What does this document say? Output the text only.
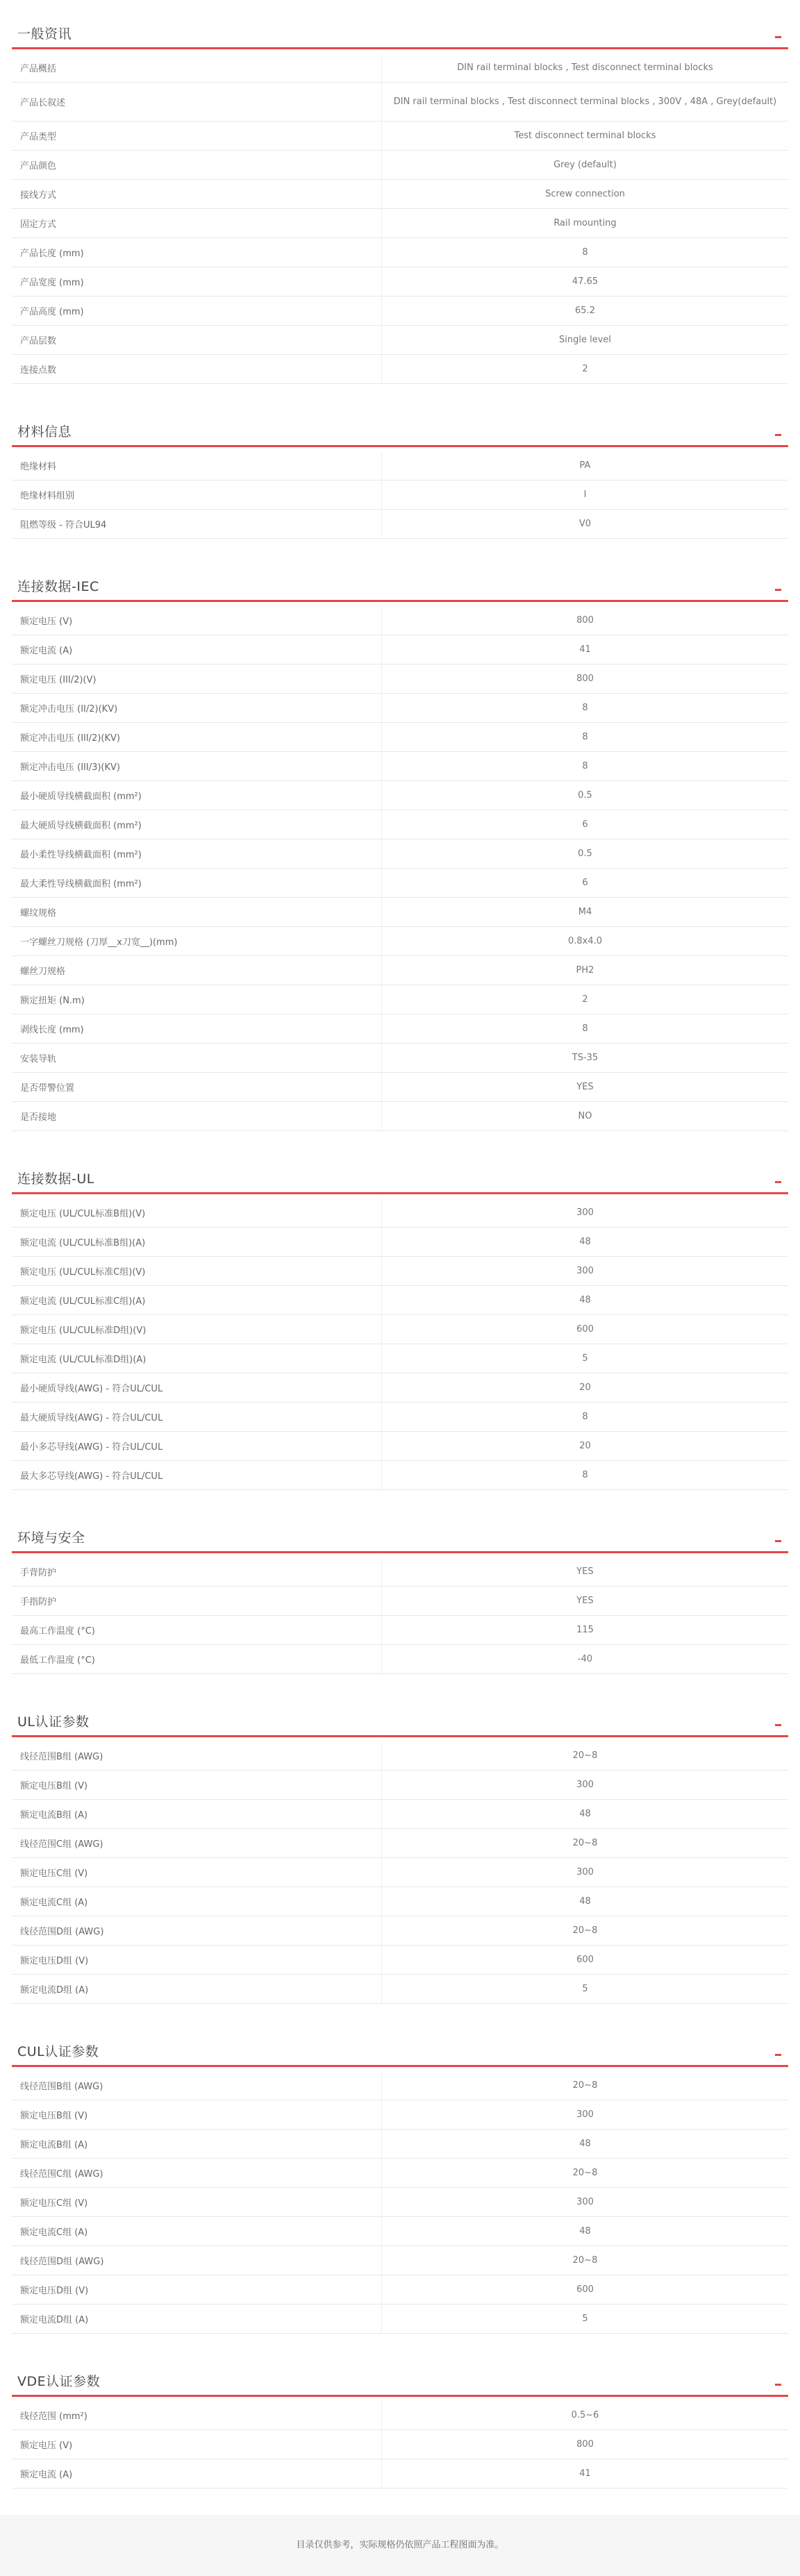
一般资讯
产品概括	DIN rail terminal blocks , Test disconnect terminal blocks
产品长叙述	DIN rail terminal blocks , Test disconnect terminal blocks , 300V , 48A , Grey(default)
产品类型	Test disconnect terminal blocks
产品颜色	Grey (default)
接线方式	Screw connection
固定方式	Rail mounting
产品长度 (mm)	8
产品宽度 (mm)	47.65
产品高度 (mm)	65.2
产品层数	Single level
连接点数	2
材料信息
绝缘材料	PA
绝缘材料组别	I
阻燃等级 - 符合UL94	V0
连接数据-IEC
额定电压 (V)	800
额定电流 (A)	41
额定电压 (III/2)(V)	800
额定冲击电压 (II/2)(KV)	8
额定冲击电压 (III/2)(KV)	8
额定冲击电压 (III/3)(KV)	8
最小硬质导线横截面积 (mm²)	0.5
最大硬质导线横截面积 (mm²)	6
最小柔性导线横截面积 (mm²)	0.5
最大柔性导线横截面积 (mm²)	6
螺纹规格	M4
一字螺丝刀规格 (刀厚__x刀宽__)(mm)	0.8x4.0
螺丝刀规格	PH2
额定扭矩 (N.m)	2
剥线长度 (mm)	8
安装导轨	TS-35
是否带警位置	YES
是否接地	NO
连接数据-UL
额定电压 (UL/CUL标准B组)(V)	300
额定电流 (UL/CUL标准B组)(A)	48
额定电压 (UL/CUL标准C组)(V)	300
额定电流 (UL/CUL标准C组)(A)	48
额定电压 (UL/CUL标准D组)(V)	600
额定电流 (UL/CUL标准D组)(A)	5
最小硬质导线(AWG) - 符合UL/CUL	20
最大硬质导线(AWG) - 符合UL/CUL	8
最小多芯导线(AWG) - 符合UL/CUL	20
最大多芯导线(AWG) - 符合UL/CUL	8
环境与安全
手背防护	YES
手指防护	YES
最高工作温度 (°C)	115
最低工作温度 (°C)	-40
UL认证参数
线径范围B组 (AWG)	20~8
额定电压B组 (V)	300
额定电流B组 (A)	48
线径范围C组 (AWG)	20~8
额定电压C组 (V)	300
额定电流C组 (A)	48
线径范围D组 (AWG)	20~8
额定电压D组 (V)	600
额定电流D组 (A)	5
CUL认证参数
线径范围B组 (AWG)	20~8
额定电压B组 (V)	300
额定电流B组 (A)	48
线径范围C组 (AWG)	20~8
额定电压C组 (V)	300
额定电流C组 (A)	48
线径范围D组 (AWG)	20~8
额定电压D组 (V)	600
额定电流D组 (A)	5
VDE认证参数
线径范围 (mm²)	0.5~6
额定电压 (V)	800
额定电流 (A)	41
目录仅供参考，实际规格仍依照产品工程图面为准。
